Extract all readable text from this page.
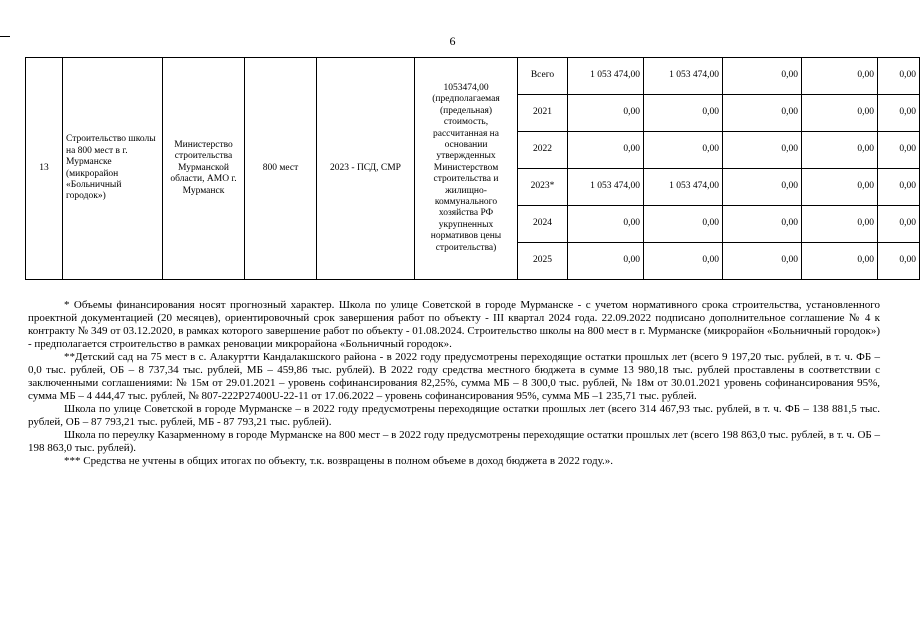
6
13	Строительство школы на 800 мест в г. Мурманске (микрорайон «Больничный городок»)	Министерство строительства Мурманской области, АМО г. Мурманск	800 мест	2023 - ПСД, СМР	1053474,00 (предполагаемая (предельная) стоимость, рассчитанная на основании утвержденных Министерством строительства и жилищно-коммунального хозяйства РФ укрупненных нормативов цены строительства)	Всего	1 053 474,00	1 053 474,00	0,00	0,00	0,00
						2021	0,00	0,00	0,00	0,00	0,00
						2022	0,00	0,00	0,00	0,00	0,00
						2023*	1 053 474,00	1 053 474,00	0,00	0,00	0,00
						2024	0,00	0,00	0,00	0,00	0,00
						2025	0,00	0,00	0,00	0,00	0,00

* Объемы финансирования носят прогнозный характер. Школа по улице Советской в городе Мурманске - с учетом нормативного срока строительства, установленного проектной документацией (20 месяцев), ориентировочный срок завершения работ по объекту - III квартал 2024 года. 22.09.2022 подписано дополнительное соглашение № 4 к контракту № 349 от 03.12.2020, в рамках которого завершение работ по объекту - 01.08.2024. Строительство школы на 800 мест в г. Мурманске (микрорайон «Больничный городок») - предполагается строительство в рамках реновации микрорайона «Больничный городок».

**Детский сад на 75 мест в с. Алакуртти Кандалакшского района - в 2022 году предусмотрены переходящие остатки прошлых лет (всего 9 197,20 тыс. рублей, в т. ч. ФБ – 0,0 тыс. рублей, ОБ – 8 737,34 тыс. рублей, МБ – 459,86 тыс. рублей). В 2022 году средства местного бюджета в сумме 13 980,18 тыс. рублей проставлены в соответствии с заключенными соглашениями: № 15м от 29.01.2021 – уровень софинансирования 82,25%, сумма МБ – 8 300,0 тыс. рублей, № 18м от 30.01.2021 уровень софинансирования 95%, сумма МБ – 4 444,47 тыс. рублей, № 807-222P27400U-22-11 от 17.06.2022 – уровень софинансирования 95%, сумма МБ –1 235,71 тыс. рублей.

Школа по улице Советской в городе Мурманске – в 2022 году предусмотрены переходящие остатки прошлых лет (всего 314 467,93 тыс. рублей, в т. ч. ФБ – 138 881,5 тыс. рублей, ОБ – 87 793,21 тыс. рублей, МБ - 87 793,21 тыс. рублей).

Школа по переулку Казарменному в городе Мурманске на 800 мест – в 2022 году предусмотрены переходящие остатки прошлых лет (всего 198 863,0 тыс. рублей, в т. ч. ОБ – 198 863,0 тыс. рублей).

*** Средства не учтены в общих итогах по объекту, т.к. возвращены в полном объеме в доход бюджета в 2022 году.».
